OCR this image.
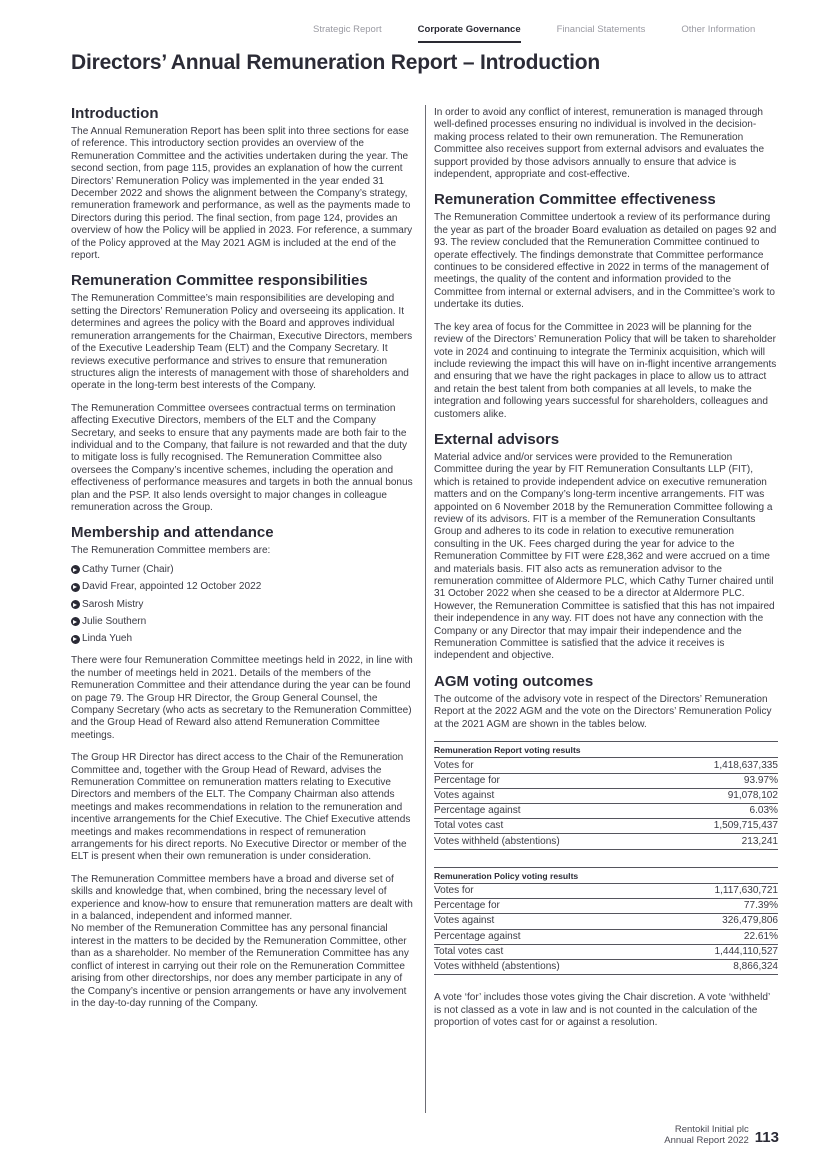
Strategic Report	Corporate Governance	Financial Statements	Other Information
Directors’ Annual Remuneration Report – Introduction
Introduction

The Annual Remuneration Report has been split into three sections for ease of reference. This introductory section provides an overview of the Remuneration Committee and the activities undertaken during the year. The second section, from page 115, provides an explanation of how the current Directors’ Remuneration Policy was implemented in the year ended 31 December 2022 and shows the alignment between the Company’s strategy, remuneration framework and performance, as well as the payments made to Directors during this period. The final section, from page 124, provides an overview of how the Policy will be applied in 2023. For reference, a summary of the Policy approved at the May 2021 AGM is included at the end of the report.

Remuneration Committee responsibilities

The Remuneration Committee’s main responsibilities are developing and setting the Directors’ Remuneration Policy and overseeing its application. It determines and agrees the policy with the Board and approves individual remuneration arrangements for the Chairman, Executive Directors, members of the Executive Leadership Team (ELT) and the Company Secretary. It reviews executive performance and strives to ensure that remuneration structures align the interests of management with those of shareholders and operate in the long-term best interests of the Company.

The Remuneration Committee oversees contractual terms on termination affecting Executive Directors, members of the ELT and the Company Secretary, and seeks to ensure that any payments made are both fair to the individual and to the Company, that failure is not rewarded and that the duty to mitigate loss is fully recognised. The Remuneration Committee also oversees the Company’s incentive schemes, including the operation and effectiveness of performance measures and targets in both the annual bonus plan and the PSP. It also lends oversight to major changes in colleague remuneration across the Group.

Membership and attendance

The Remuneration Committee members are:

Cathy Turner (Chair)
David Frear, appointed 12 October 2022
Sarosh Mistry
Julie Southern
Linda Yueh

There were four Remuneration Committee meetings held in 2022, in line with the number of meetings held in 2021. Details of the members of the Remuneration Committee and their attendance during the year can be found on page 79. The Group HR Director, the Group General Counsel, the Company Secretary (who acts as secretary to the Remuneration Committee) and the Group Head of Reward also attend Remuneration Committee meetings.

The Group HR Director has direct access to the Chair of the Remuneration Committee and, together with the Group Head of Reward, advises the Remuneration Committee on remuneration matters relating to Executive Directors and members of the ELT. The Company Chairman also attends meetings and makes recommendations in relation to the remuneration and incentive arrangements for the Chief Executive. The Chief Executive attends meetings and makes recommendations in respect of remuneration arrangements for his direct reports. No Executive Director or member of the ELT is present when their own remuneration is under consideration.

The Remuneration Committee members have a broad and diverse set of skills and knowledge that, when combined, bring the necessary level of experience and know-how to ensure that remuneration matters are dealt with in a balanced, independent and informed manner.

No member of the Remuneration Committee has any personal financial interest in the matters to be decided by the Remuneration Committee, other than as a shareholder. No member of the Remuneration Committee has any conflict of interest in carrying out their role on the Remuneration Committee arising from other directorships, nor does any member participate in any of the Company’s incentive or pension arrangements or have any involvement in the day-to-day running of the Company.

In order to avoid any conflict of interest, remuneration is managed through well-defined processes ensuring no individual is involved in the decision-making process related to their own remuneration. The Remuneration Committee also receives support from external advisors and evaluates the support provided by those advisors annually to ensure that advice is independent, appropriate and cost-effective.

Remuneration Committee effectiveness

The Remuneration Committee undertook a review of its performance during the year as part of the broader Board evaluation as detailed on pages 92 and 93. The review concluded that the Remuneration Committee continued to operate effectively. The findings demonstrate that Committee performance continues to be considered effective in 2022 in terms of the management of meetings, the quality of the content and information provided to the Committee from internal or external advisers, and in the Committee’s work to undertake its duties.

The key area of focus for the Committee in 2023 will be planning for the review of the Directors’ Remuneration Policy that will be taken to shareholder vote in 2024 and continuing to integrate the Terminix acquisition, which will include reviewing the impact this will have on in-flight incentive arrangements and ensuring that we have the right packages in place to allow us to attract and retain the best talent from both companies at all levels, to make the integration and following years successful for shareholders, colleagues and customers alike.

External advisors

Material advice and/or services were provided to the Remuneration Committee during the year by FIT Remuneration Consultants LLP (FIT), which is retained to provide independent advice on executive remuneration matters and on the Company’s long-term incentive arrangements. FIT was appointed on 6 November 2018 by the Remuneration Committee following a review of its advisors. FIT is a member of the Remuneration Consultants Group and adheres to its code in relation to executive remuneration consulting in the UK. Fees charged during the year for advice to the Remuneration Committee by FIT were £28,362 and were accrued on a time and materials basis. FIT also acts as remuneration advisor to the remuneration committee of Aldermore PLC, which Cathy Turner chaired until 31 October 2022 when she ceased to be a director at Aldermore PLC. However, the Remuneration Committee is satisfied that this has not impaired their independence in any way. FIT does not have any connection with the Company or any Director that may impair their independence and the Remuneration Committee is satisfied that the advice it receives is independent and objective.

AGM voting outcomes

The outcome of the advisory vote in respect of the Directors’ Remuneration Report at the 2022 AGM and the vote on the Directors’ Remuneration Policy at the 2021 AGM are shown in the tables below.

Remuneration Report voting results	
Votes for	1,418,637,335
Percentage for	93.97%
Votes against	91,078,102
Percentage against	6.03%
Total votes cast	1,509,715,437
Votes withheld (abstentions)	213,241
Remuneration Policy voting results	
Votes for	1,117,630,721
Percentage for	77.39%
Votes against	326,479,806
Percentage against	22.61%
Total votes cast	1,444,110,527
Votes withheld (abstentions)	8,866,324

A vote ‘for’ includes those votes giving the Chair discretion. A vote ‘withheld’ is not classed as a vote in law and is not counted in the calculation of the proportion of votes cast for or against a resolution.

Rentokil Initial plc
Annual Report 2022 113
